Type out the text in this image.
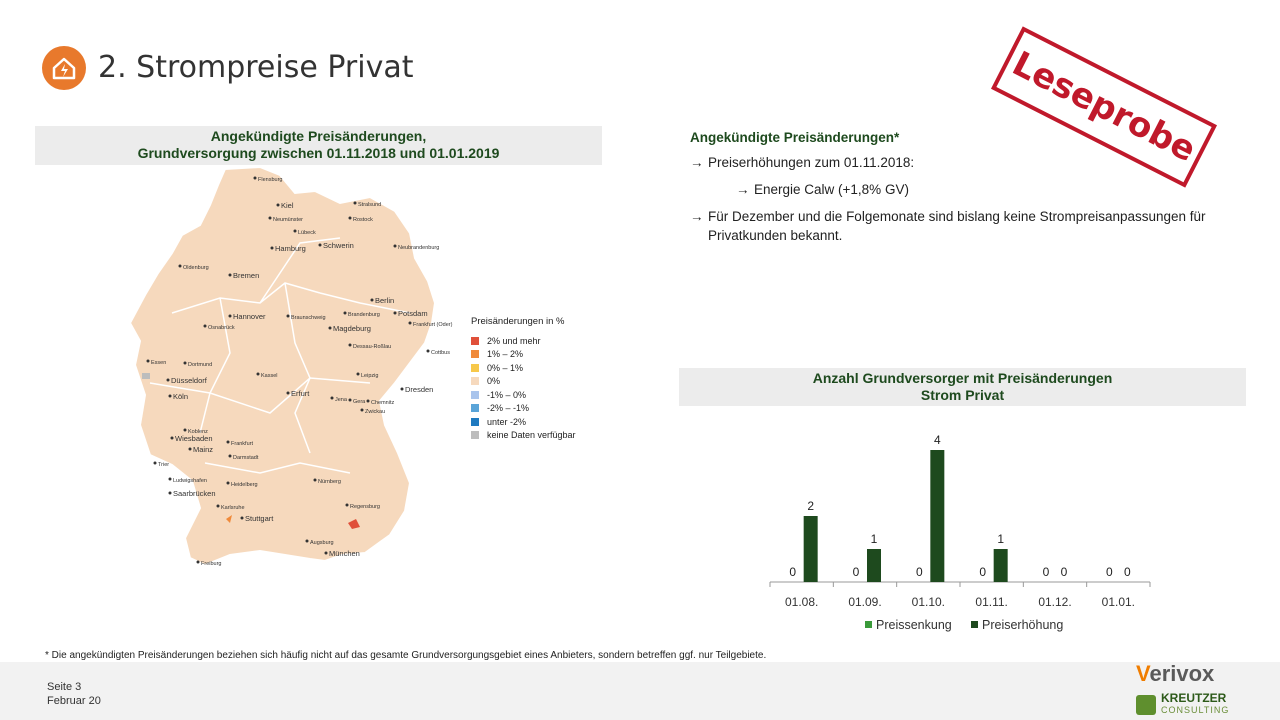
2. Strompreise Privat	Leseprobe
Angekündigte Preisänderungen,
Grundversorgung zwischen 01.11.2018 und 01.01.2019
Flensburg
Kiel
Neumünster
Lübeck
Stralsund
Rostock
Hamburg Schwerin	Neubrandenburg
Oldenburg
Bremen
Berlin
Potsdam
Brandenburg
Hannover	Braunschweig
Osnabrück	Magdeburg	Frankfurt (Oder)
Dessau-Roßlau
Cottbus
Essen	Dortmund
Düsseldorf	Kassel	Leipzig
Köln
Dresden
Erfurt
Jena Gera Chemnitz
Zwickau
Koblenz
Wiesbaden
Frankfurt
Mainz
Darmstadt
Trier
Ludwigshafen
Heidelberg
Saarbrücken
Nürnberg
Karlsruhe	Regensburg
Stuttgart
Augsburg
München
Freiburg
Preisänderungen in %
2% und mehr
1% – 2%
0% – 1%
0%
-1% – 0%
-2% – -1%
unter -2%
keine Daten verfügbar
Angekündigte Preisänderungen*
→ Preiserhöhungen zum 01.11.2018:
→ Energie Calw (+1,8% GV)
→ Für Dezember und die Folgemonate sind bislang keine Strompreisanpassungen für Privatkunden bekannt.
Anzahl Grundversorger mit Preisänderungen
Strom Privat
01.08.
0
2
01.09.
0
1
01.10.
0
4
01.11.
0
1
01.12.
0 0
01.01.
0 0
Preissenkung Preiserhöhung
* Die angekündigten Preisänderungen beziehen sich häufig nicht auf das gesamte Grundversorgungsgebiet eines Anbieters, sondern betreffen ggf. nur Teilgebiete.
Seite 3
Februar 20
Verivox
KREUTZER
CONSULTING
